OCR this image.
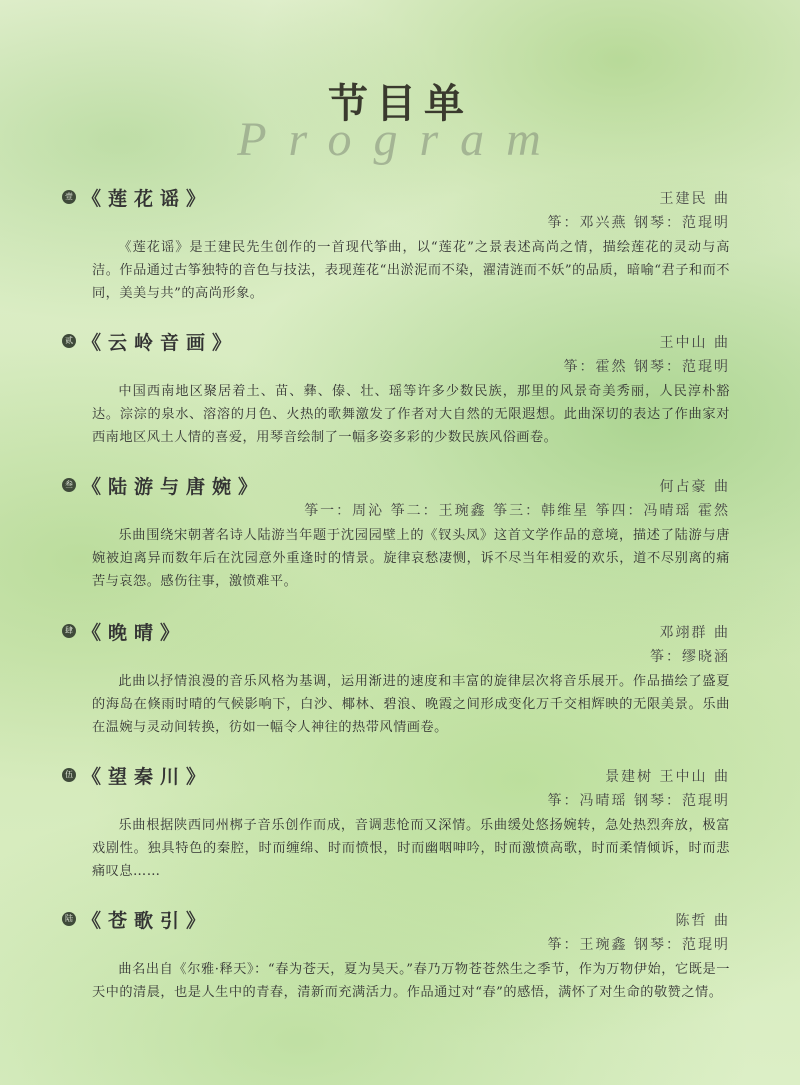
节目单
Program
壹 《莲花谣》	王建民 曲
筝：邓兴燕 钢琴：范琨明
《莲花谣》是王建民先生创作的一首现代筝曲，以“莲花”之景表述高尚之情，描绘莲花的灵动与高洁。作品通过古筝独特的音色与技法，表现莲花“出淤泥而不染，濯清涟而不妖”的品质，暗喻“君子和而不同，美美与共”的高尚形象。
贰 《云岭音画》	王中山 曲
筝：霍然 钢琴：范琨明
中国西南地区聚居着土、苗、彝、傣、壮、瑶等许多少数民族，那里的风景奇美秀丽，人民淳朴豁达。淙淙的泉水、溶溶的月色、火热的歌舞激发了作者对大自然的无限遐想。此曲深切的表达了作曲家对西南地区风土人情的喜爱，用琴音绘制了一幅多姿多彩的少数民族风俗画卷。
叁 《陆游与唐婉》	何占豪 曲
筝一：周沁 筝二：王琬鑫 筝三：韩维星 筝四：冯晴瑶 霍然
乐曲围绕宋朝著名诗人陆游当年题于沈园园壁上的《钗头凤》这首文学作品的意境，描述了陆游与唐婉被迫离异而数年后在沈园意外重逢时的情景。旋律哀愁凄恻，诉不尽当年相爱的欢乐，道不尽别离的痛苦与哀怨。感伤往事，激愤难平。
肆 《晚晴》	邓翊群 曲
筝：缪晓涵
此曲以抒情浪漫的音乐风格为基调，运用渐进的速度和丰富的旋律层次将音乐展开。作品描绘了盛夏的海岛在倏雨时晴的气候影响下，白沙、椰林、碧浪、晚霞之间形成变化万千交相辉映的无限美景。乐曲在温婉与灵动间转换，彷如一幅令人神往的热带风情画卷。
伍 《望秦川》	景建树 王中山 曲
筝：冯晴瑶 钢琴：范琨明
乐曲根据陕西同州梆子音乐创作而成，音调悲怆而又深情。乐曲缓处悠扬婉转，急处热烈奔放，极富戏剧性。独具特色的秦腔，时而缠绵、时而愤恨，时而幽咽呻吟，时而激愤高歌，时而柔情倾诉，时而悲痛叹息……
陆 《苍歌引》	陈哲 曲
筝：王琬鑫 钢琴：范琨明
曲名出自《尔雅·释天》：“春为苍天，夏为昊天。”春乃万物苍苍然生之季节，作为万物伊始，它既是一天中的清晨，也是人生中的青春，清新而充满活力。作品通过对“春”的感悟，满怀了对生命的敬赞之情。
